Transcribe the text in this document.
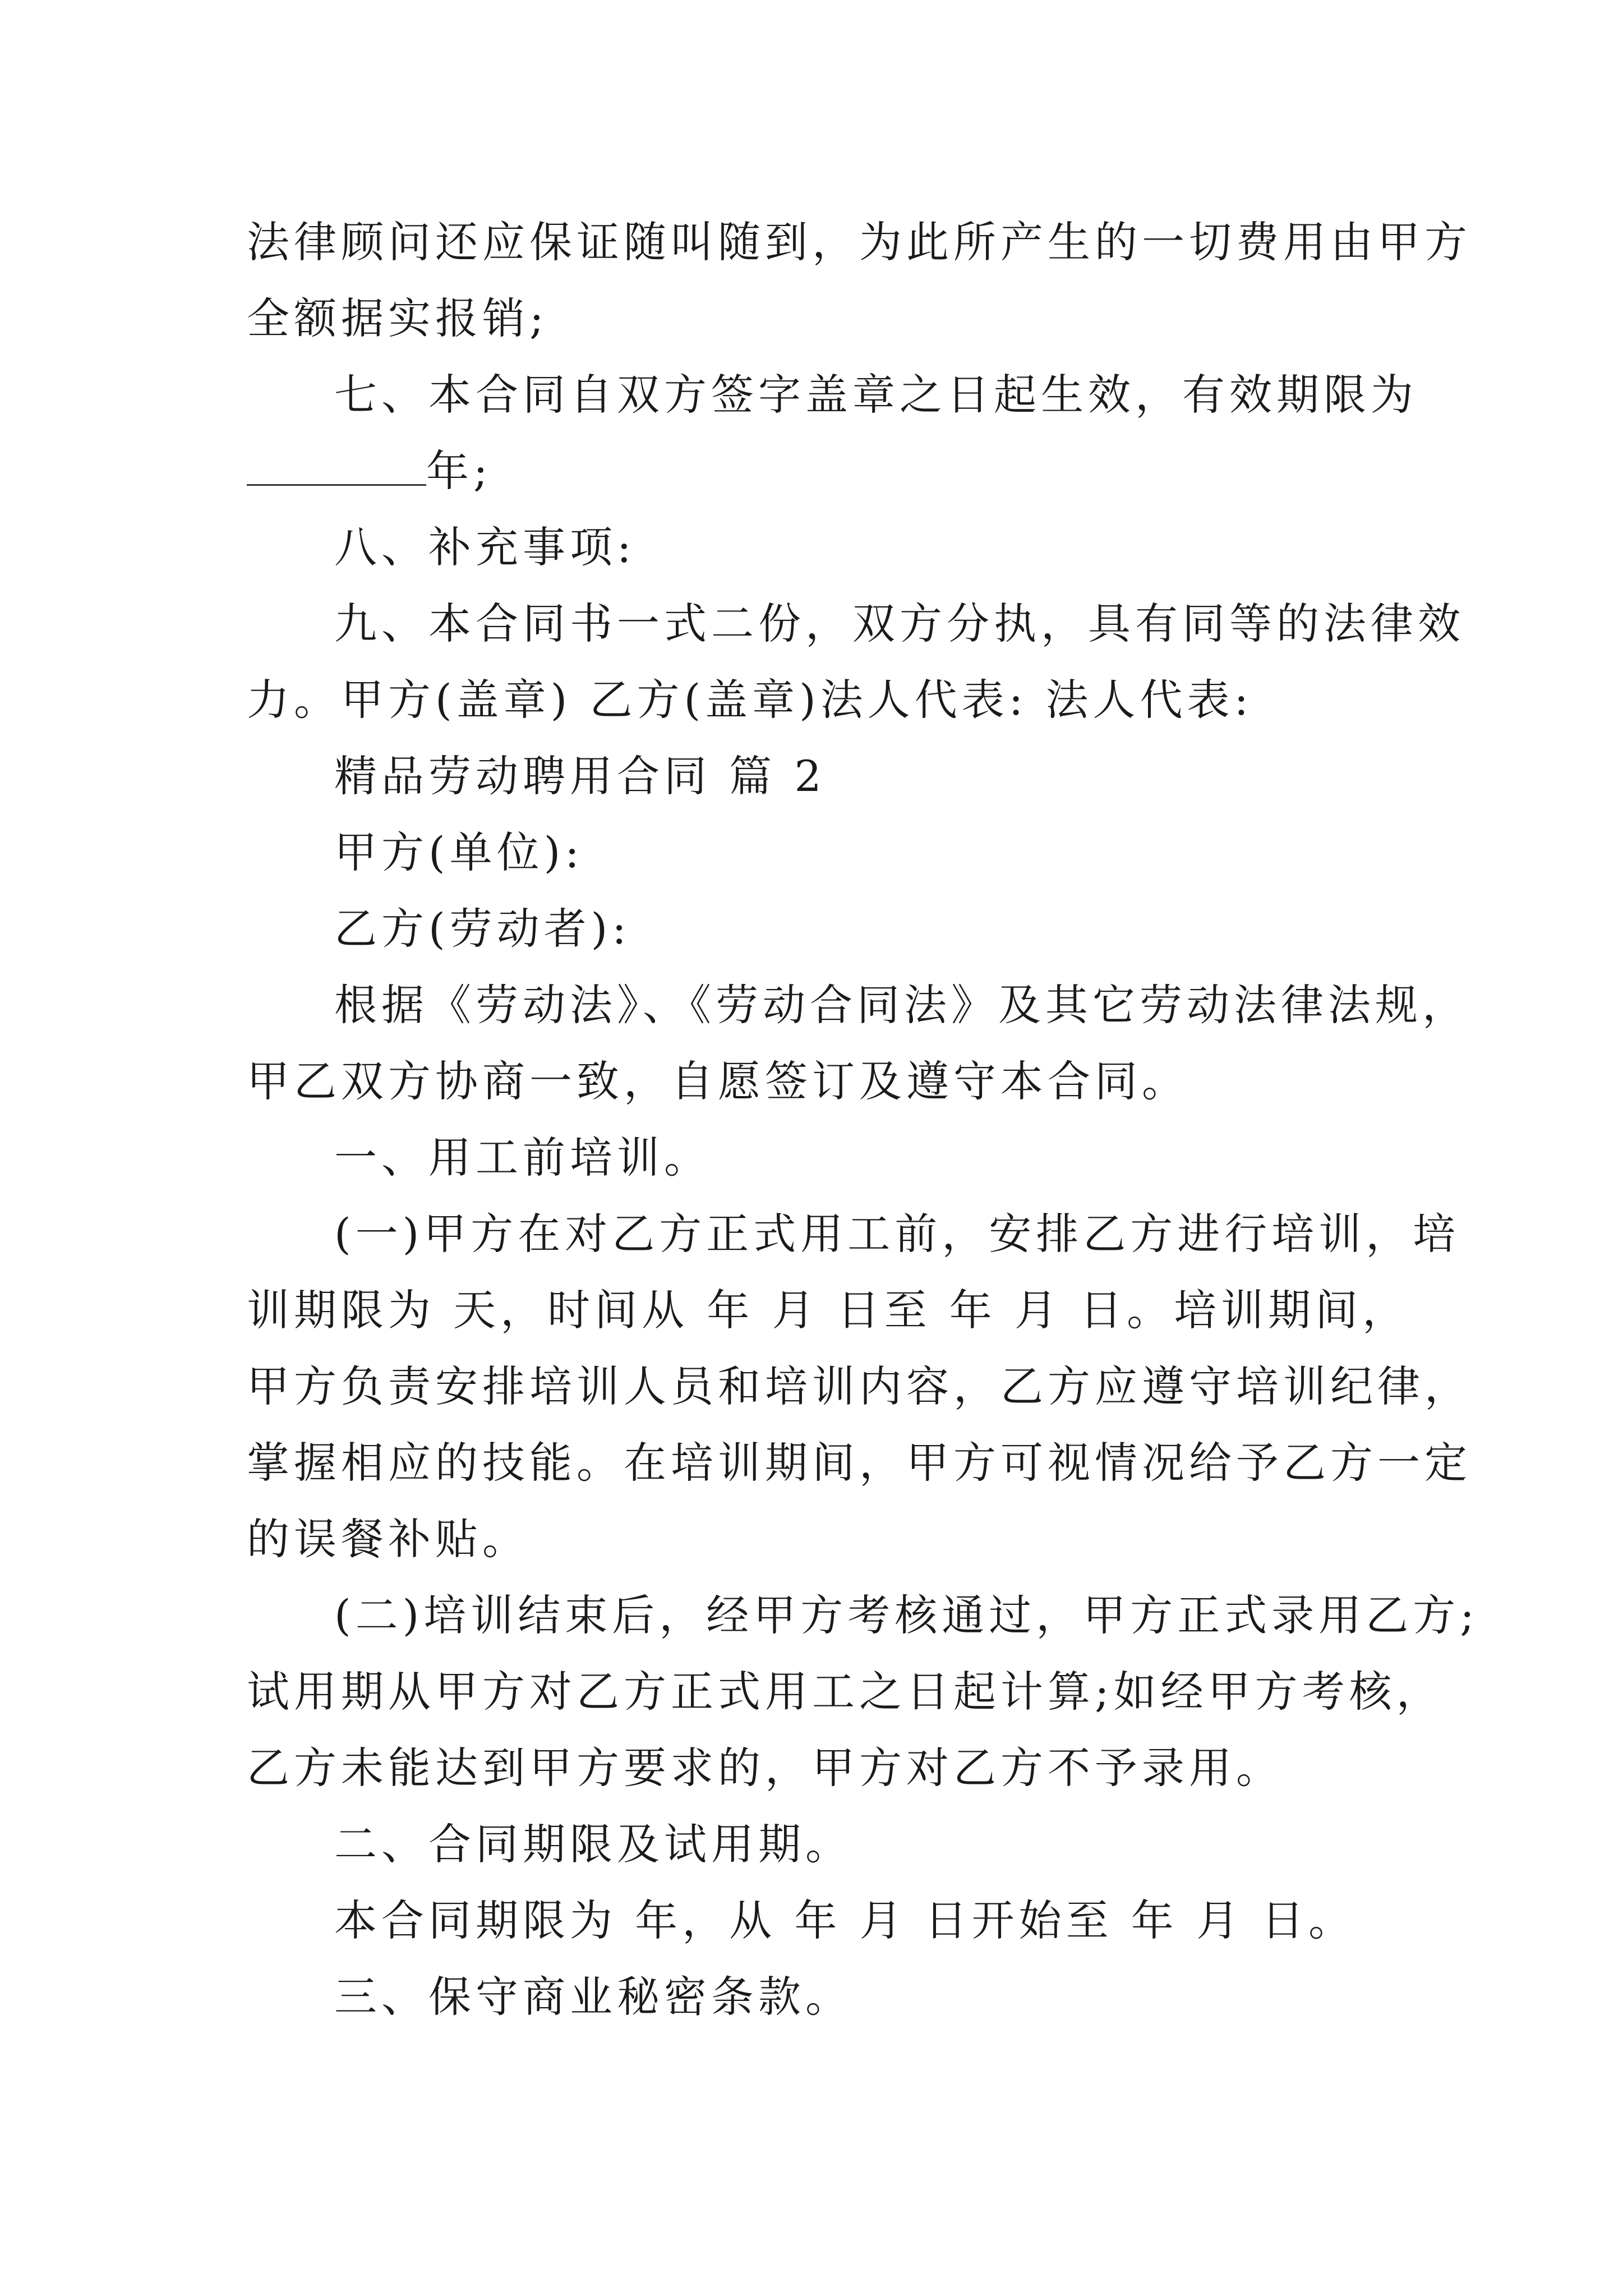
法律顾问还应保证随叫随到，为此所产生的一切费用由甲方
全额据实报销;
七、本合同自双方签字盖章之日起生效，有效期限为
年;
八、补充事项:
九、本合同书一式二份，双方分执，具有同等的法律效
力。甲方(盖章) 乙方(盖章)法人代表: 法人代表:
精品劳动聘用合同 篇 2
甲方(单位):
乙方(劳动者):
根据《劳动法》、《劳动合同法》及其它劳动法律法规，
甲乙双方协商一致，自愿签订及遵守本合同。
一、用工前培训。
(一)甲方在对乙方正式用工前，安排乙方进行培训，培
训期限为 天，时间从 年 月 日至 年 月 日。培训期间，
甲方负责安排培训人员和培训内容，乙方应遵守培训纪律，
掌握相应的技能。在培训期间，甲方可视情况给予乙方一定
的误餐补贴。
(二)培训结束后，经甲方考核通过，甲方正式录用乙方;
试用期从甲方对乙方正式用工之日起计算;如经甲方考核，
乙方未能达到甲方要求的，甲方对乙方不予录用。
二、合同期限及试用期。
本合同期限为 年，从 年 月 日开始至 年 月 日。
三、保守商业秘密条款。
